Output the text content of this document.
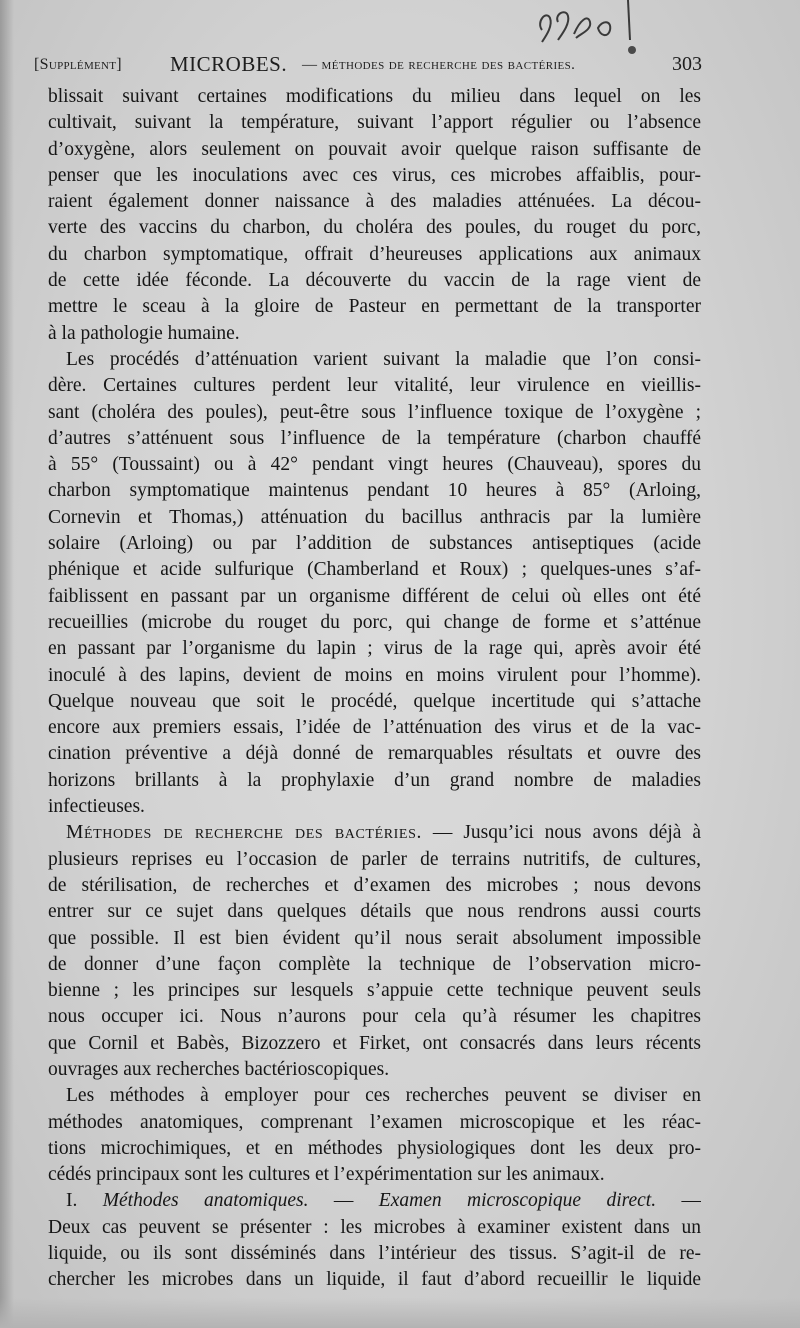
[Supplément] MICROBES. — méthodes de recherche des bactéries.	303
blissait suivant certaines modifications du milieu dans lequel on les
cultivait, suivant la température, suivant l’apport régulier ou l’absence
d’oxygène, alors seulement on pouvait avoir quelque raison suffisante de
penser que les inoculations avec ces virus, ces microbes affaiblis, pour-
raient également donner naissance à des maladies atténuées. La décou-
verte des vaccins du charbon, du choléra des poules, du rouget du porc,
du charbon symptomatique, offrait d’heureuses applications aux animaux
de cette idée féconde. La découverte du vaccin de la rage vient de
mettre le sceau à la gloire de Pasteur en permettant de la transporter
à la pathologie humaine.
Les procédés d’atténuation varient suivant la maladie que l’on consi-
dère. Certaines cultures perdent leur vitalité, leur virulence en vieillis-
sant (choléra des poules), peut-être sous l’influence toxique de l’oxygène ;
d’autres s’atténuent sous l’influence de la température (charbon chauffé
à 55° (Toussaint) ou à 42° pendant vingt heures (Chauveau), spores du
charbon symptomatique maintenus pendant 10 heures à 85° (Arloing,
Cornevin et Thomas,) atténuation du bacillus anthracis par la lumière
solaire (Arloing) ou par l’addition de substances antiseptiques (acide
phénique et acide sulfurique (Chamberland et Roux) ; quelques-unes s’af-
faiblissent en passant par un organisme différent de celui où elles ont été
recueillies (microbe du rouget du porc, qui change de forme et s’atténue
en passant par l’organisme du lapin ; virus de la rage qui, après avoir été
inoculé à des lapins, devient de moins en moins virulent pour l’homme).
Quelque nouveau que soit le procédé, quelque incertitude qui s’attache
encore aux premiers essais, l’idée de l’atténuation des virus et de la vac-
cination préventive a déjà donné de remarquables résultats et ouvre des
horizons brillants à la prophylaxie d’un grand nombre de maladies
infectieuses.
Méthodes de recherche des bactéries. — Jusqu’ici nous avons déjà à
plusieurs reprises eu l’occasion de parler de terrains nutritifs, de cultures,
de stérilisation, de recherches et d’examen des microbes ; nous devons
entrer sur ce sujet dans quelques détails que nous rendrons aussi courts
que possible. Il est bien évident qu’il nous serait absolument impossible
de donner d’une façon complète la technique de l’observation micro-
bienne ; les principes sur lesquels s’appuie cette technique peuvent seuls
nous occuper ici. Nous n’aurons pour cela qu’à résumer les chapitres
que Cornil et Babès, Bizozzero et Firket, ont consacrés dans leurs récents
ouvrages aux recherches bactérioscopiques.
Les méthodes à employer pour ces recherches peuvent se diviser en
méthodes anatomiques, comprenant l’examen microscopique et les réac-
tions microchimiques, et en méthodes physiologiques dont les deux pro-
cédés principaux sont les cultures et l’expérimentation sur les animaux.
I. Méthodes anatomiques. — Examen microscopique direct. —
Deux cas peuvent se présenter : les microbes à examiner existent dans un
liquide, ou ils sont disséminés dans l’intérieur des tissus. S’agit-il de re-
chercher les microbes dans un liquide, il faut d’abord recueillir le liquide
